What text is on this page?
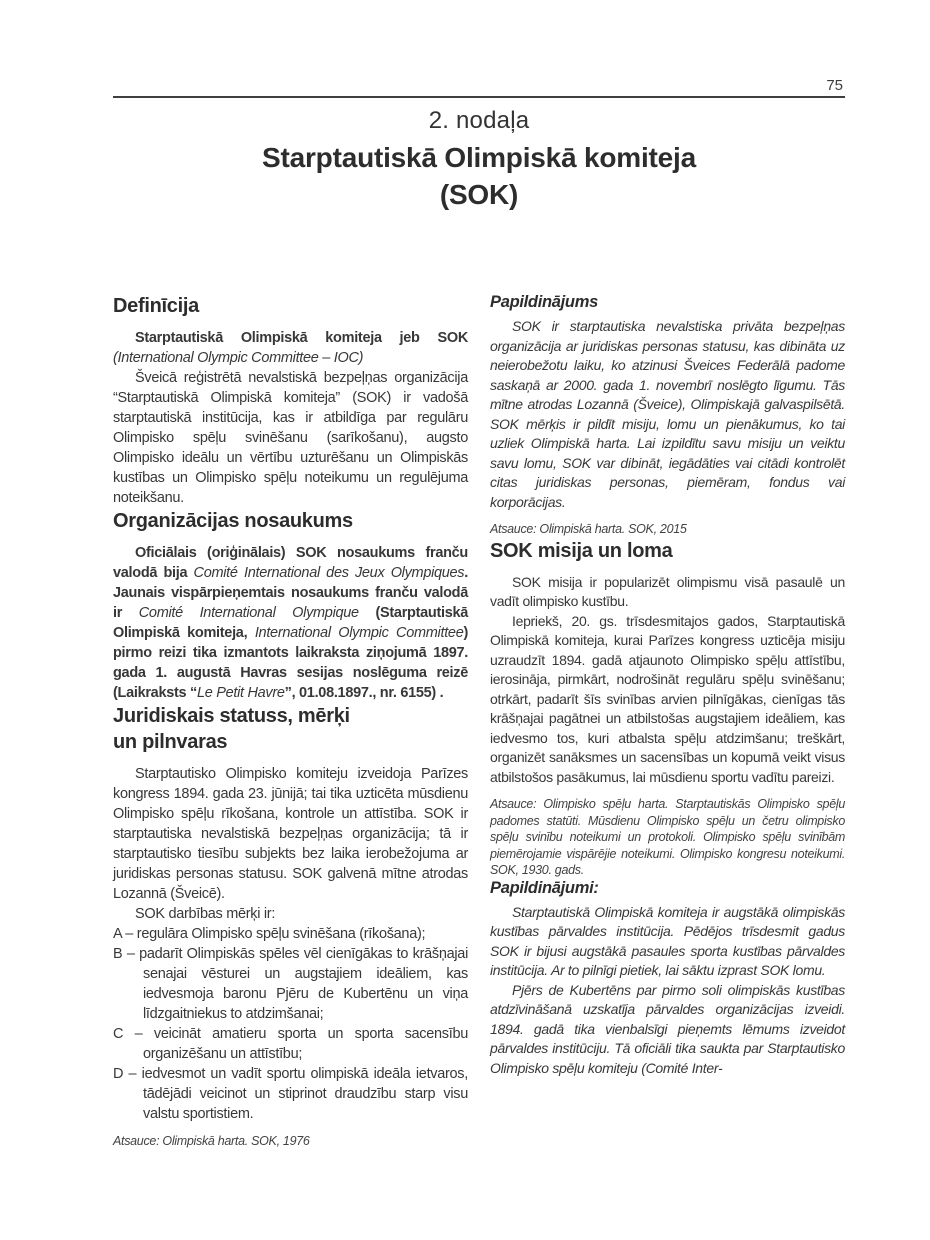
75
2. nodaļa
Starptautiskā Olimpiskā komiteja
(SOK)
Definīcija

Starptautiskā Olimpiskā komiteja jeb SOK

(International Olympic Committee – IOC)

Šveicā reģistrētā nevalstiskā bezpeļņas organizācija “Starptautiskā Olimpiskā komiteja” (SOK) ir vadošā starptautiskā institūcija, kas ir atbildīga par regulāru Olimpisko spēļu svinēšanu (sarīkošanu), augsto Olimpisko ideālu un vērtību uzturēšanu un Olimpiskās kustības un Olimpisko spēļu noteikumu un regulējuma noteikšanu.

Organizācijas nosaukums

Oficiālais (oriģinālais) SOK nosaukums franču valodā bija Comité International des Jeux Olympiques. Jaunais vispārpieņemtais nosaukums franču valodā ir Comité International Olympique (Starptautiskā Olimpiskā komiteja, International Olympic Committee) pirmo reizi tika izmantots laikraksta ziņojumā 1897. gada 1. augustā Havras sesijas noslēguma reizē (Laikraksts “Le Petit Havre”, 01.08.1897., nr. 6155) .

Juridiskais statuss, mērķi
un pilnvaras

Starptautisko Olimpisko komiteju izveidoja Parīzes kongress 1894. gada 23. jūnijā; tai tika uzticēta mūsdienu Olimpisko spēļu rīkošana, kontrole un attīstība. SOK ir starptautiska nevalstiskā bezpeļņas organizācija; tā ir starptautisko tiesību subjekts bez laika ierobežojuma ar juridiskas personas statusu. SOK galvenā mītne atrodas Lozannā (Šveicē).

SOK darbības mērķi ir:
A – regulāra Olimpisko spēļu svinēšana (rīkošana);
B – padarīt Olimpiskās spēles vēl cienīgākas to krāšņajai senajai vēsturei un augstajiem ideāliem, kas iedvesmoja baronu Pjēru de Kubertēnu un viņa līdzgaitniekus to atdzimšanai;
C – veicināt amatieru sporta un sporta sacensību organizēšanu un attīstību;
D – iedvesmot un vadīt sportu olimpiskā ideāla ietvaros, tādējādi veicinot un stiprinot draudzību starp visu valstu sportistiem.

Atsauce: Olimpiskā harta. SOK, 1976

Papildinājums

SOK ir starptautiska nevalstiska privāta bezpeļņas organizācija ar juridiskas personas statusu, kas dibināta uz neierobežotu laiku, ko atzinusi Šveices Federālā padome saskaņā ar 2000. gada 1. novembrī noslēgto līgumu. Tās mītne atrodas Lozannā (Šveice), Olimpiskajā galvaspilsētā. SOK mērķis ir pildīt misiju, lomu un pienākumus, ko tai uzliek Olimpiskā harta. Lai izpildītu savu misiju un veiktu savu lomu, SOK var dibināt, iegādāties vai citādi kontrolēt citas juridiskas personas, piemēram, fondus vai korporācijas.

Atsauce: Olimpiskā harta. SOK, 2015

SOK misija un loma

SOK misija ir popularizēt olimpismu visā pasaulē un vadīt olimpisko kustību.

Iepriekš, 20. gs. trīsdesmitajos gados, Starptautiskā Olimpiskā komiteja, kurai Parīzes kongress uzticēja misiju uzraudzīt 1894. gadā atjaunoto Olimpisko spēļu attīstību, ierosināja, pirmkārt, nodrošināt regulāru spēļu svinēšanu; otrkārt, padarīt šīs svinības arvien pilnīgākas, cienīgas tās krāšņajai pagātnei un atbilstošas augstajiem ideāliem, kas iedvesmo tos, kuri atbalsta spēļu atdzimšanu; treškārt, organizēt sanāksmes un sacensības un kopumā veikt visus atbilstošos pasākumus, lai mūsdienu sportu vadītu pareizi.

Atsauce: Olimpisko spēļu harta. Starptautiskās Olimpisko spēļu padomes statūti. Mūsdienu Olimpisko spēļu un četru olimpisko spēļu svinību noteikumi un protokoli. Olimpisko spēļu svinībām piemērojamie vispārējie noteikumi. Olimpisko kongresu noteikumi. SOK, 1930. gads.

Papildinājumi:

Starptautiskā Olimpiskā komiteja ir augstākā olimpiskās kustības pārvaldes institūcija. Pēdējos trīsdesmit gadus SOK ir bijusi augstākā pasaules sporta kustības pārvaldes institūcija. Ar to pilnīgi pietiek, lai sāktu izprast SOK lomu.

Pjērs de Kubertēns par pirmo soli olimpiskās kustības atdzīvināšanā uzskatīja pārvaldes organizācijas izveidi. 1894. gadā tika vienbalsīgi pieņemts lēmums izveidot pārvaldes institūciju. Tā oficiāli tika saukta par Starptautisko Olimpisko spēļu komiteju (Comité Inter-
